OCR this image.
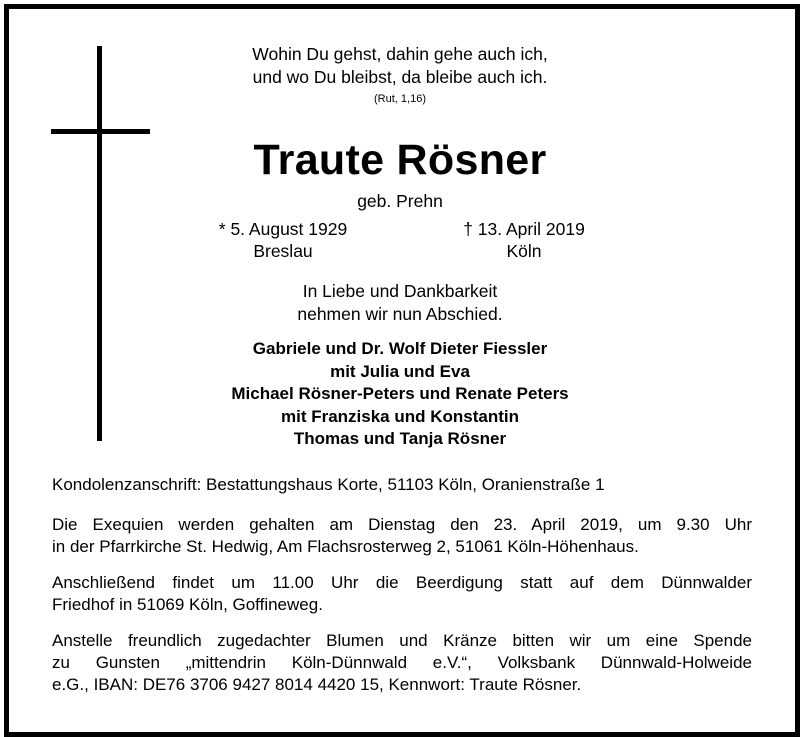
Wohin Du gehst, dahin gehe auch ich,
und wo Du bleibst, da bleibe auch ich.
(Rut, 1,16)
Traute Rösner
geb. Prehn
* 5. August 1929
Breslau
† 13. April 2019
Köln
In Liebe und Dankbarkeit
nehmen wir nun Abschied.
Gabriele und Dr. Wolf Dieter Fiessler
mit Julia und Eva
Michael Rösner-Peters und Renate Peters
mit Franziska und Konstantin
Thomas und Tanja Rösner
Kondolenzanschrift: Bestattungshaus Korte, 51103 Köln, Oranienstraße 1
Die Exequien werden gehalten am Dienstag den 23. April 2019, um 9.30 Uhr
in der Pfarrkirche St. Hedwig, Am Flachsrosterweg 2, 51061 Köln-Höhenhaus.
Anschließend findet um 11.00 Uhr die Beerdigung statt auf dem Dünnwalder
Friedhof in 51069 Köln, Goffineweg.
Anstelle freundlich zugedachter Blumen und Kränze bitten wir um eine Spende
zu Gunsten „mittendrin Köln-Dünnwald e.V.“, Volksbank Dünnwald-Holweide
e.G., IBAN: DE76 3706 9427 8014 4420 15, Kennwort: Traute Rösner.
